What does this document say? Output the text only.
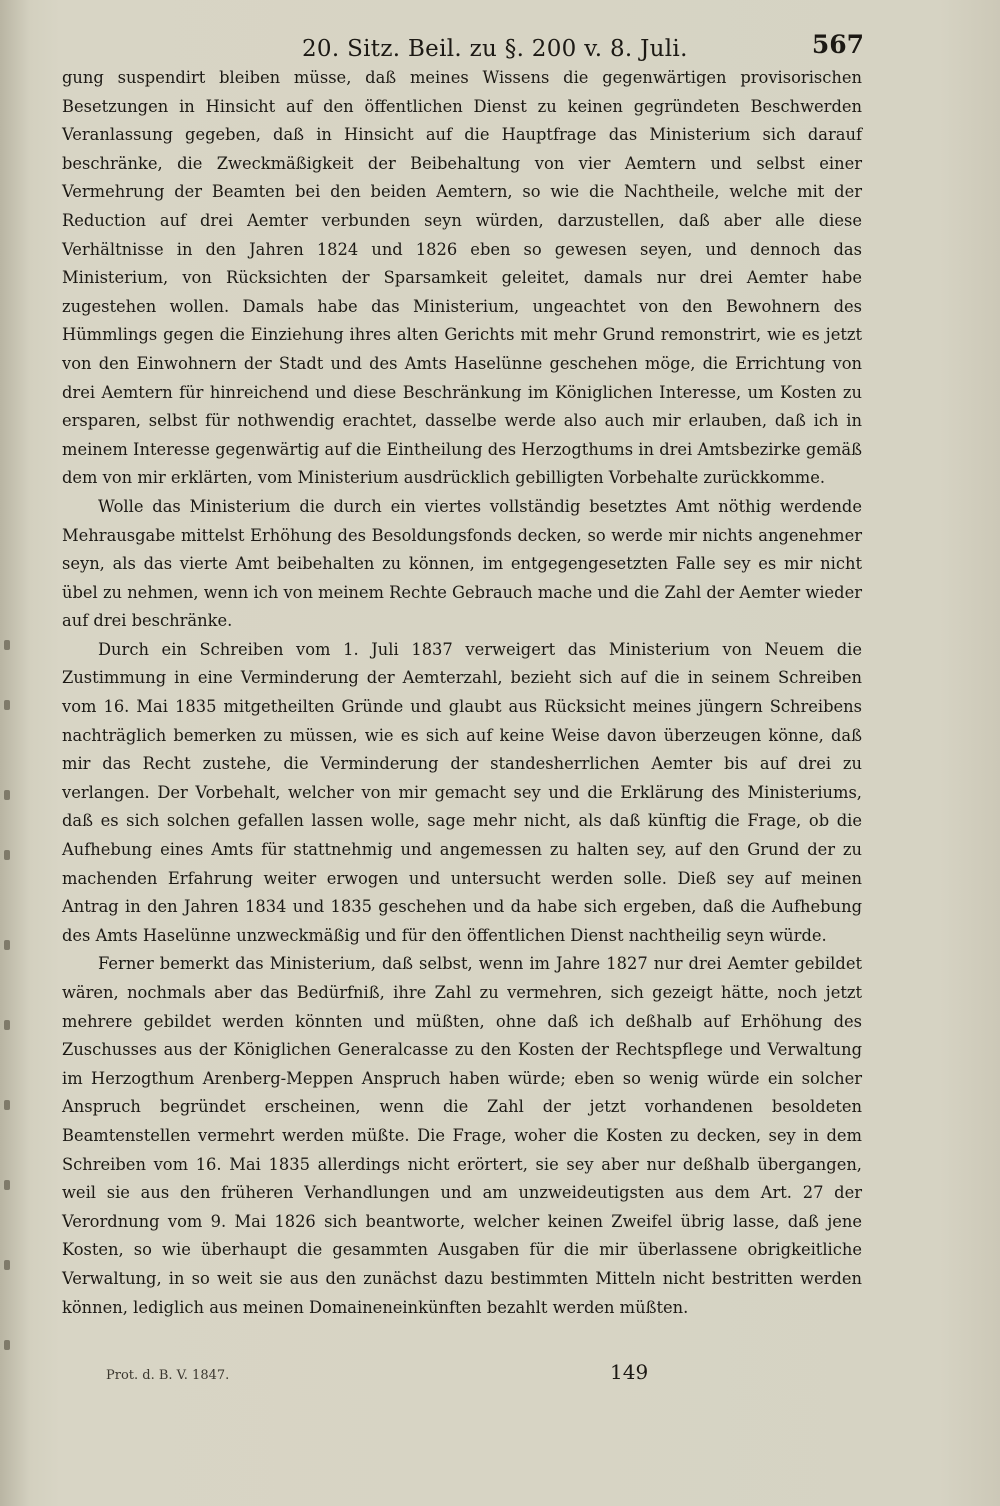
20. Sitz. Beil. zu §. 200 v. 8. Juli.	567

gung suspendirt bleiben müsse, daß meines Wissens die gegenwärtigen provisorischen Besetzungen in Hinsicht auf den öffentlichen Dienst zu keinen gegründeten Beschwerden Veranlassung gegeben, daß in Hinsicht auf die Hauptfrage das Ministerium sich darauf beschränke, die Zweckmäßigkeit der Beibehaltung von vier Aemtern und selbst einer Vermehrung der Beamten bei den beiden Aemtern, so wie die Nachtheile, welche mit der Reduction auf drei Aemter verbunden seyn würden, darzustellen, daß aber alle diese Verhältnisse in den Jahren 1824 und 1826 eben so gewesen seyen, und dennoch das Ministerium, von Rücksichten der Sparsamkeit geleitet, damals nur drei Aemter habe zugestehen wollen. Damals habe das Ministerium, ungeachtet von den Bewohnern des Hümmlings gegen die Einziehung ihres alten Gerichts mit mehr Grund remonstrirt, wie es jetzt von den Einwohnern der Stadt und des Amts Haselünne geschehen möge, die Errichtung von drei Aemtern für hinreichend und diese Beschränkung im Königlichen Interesse, um Kosten zu ersparen, selbst für nothwendig erachtet, dasselbe werde also auch mir erlauben, daß ich in meinem Interesse gegenwärtig auf die Eintheilung des Herzogthums in drei Amtsbezirke gemäß dem von mir erklärten, vom Ministerium ausdrücklich gebilligten Vorbehalte zurückkomme.

Wolle das Ministerium die durch ein viertes vollständig besetztes Amt nöthig werdende Mehrausgabe mittelst Erhöhung des Besoldungsfonds decken, so werde mir nichts angenehmer seyn, als das vierte Amt beibehalten zu können, im entgegengesetzten Falle sey es mir nicht übel zu nehmen, wenn ich von meinem Rechte Gebrauch mache und die Zahl der Aemter wieder auf drei beschränke.

Durch ein Schreiben vom 1. Juli 1837 verweigert das Ministerium von Neuem die Zustimmung in eine Verminderung der Aemterzahl, bezieht sich auf die in seinem Schreiben vom 16. Mai 1835 mitgetheilten Gründe und glaubt aus Rücksicht meines jüngern Schreibens nachträglich bemerken zu müssen, wie es sich auf keine Weise davon überzeugen könne, daß mir das Recht zustehe, die Verminderung der standesherrlichen Aemter bis auf drei zu verlangen. Der Vorbehalt, welcher von mir gemacht sey und die Erklärung des Ministeriums, daß es sich solchen gefallen lassen wolle, sage mehr nicht, als daß künftig die Frage, ob die Aufhebung eines Amts für stattnehmig und angemessen zu halten sey, auf den Grund der zu machenden Erfahrung weiter erwogen und untersucht werden solle. Dieß sey auf meinen Antrag in den Jahren 1834 und 1835 geschehen und da habe sich ergeben, daß die Aufhebung des Amts Haselünne unzweckmäßig und für den öffentlichen Dienst nachtheilig seyn würde.

Ferner bemerkt das Ministerium, daß selbst, wenn im Jahre 1827 nur drei Aemter gebildet wären, nochmals aber das Bedürfniß, ihre Zahl zu vermehren, sich gezeigt hätte, noch jetzt mehrere gebildet werden könnten und müßten, ohne daß ich deßhalb auf Erhöhung des Zuschusses aus der Königlichen Generalcasse zu den Kosten der Rechtspflege und Verwaltung im Herzogthum Arenberg-Meppen Anspruch haben würde; eben so wenig würde ein solcher Anspruch begründet erscheinen, wenn die Zahl der jetzt vorhandenen besoldeten Beamtenstellen vermehrt werden müßte. Die Frage, woher die Kosten zu decken, sey in dem Schreiben vom 16. Mai 1835 allerdings nicht erörtert, sie sey aber nur deßhalb übergangen, weil sie aus den früheren Verhandlungen und am unzweideutigsten aus dem Art. 27 der Verordnung vom 9. Mai 1826 sich beantworte, welcher keinen Zweifel übrig lasse, daß jene Kosten, so wie überhaupt die gesammten Ausgaben für die mir überlassene obrigkeitliche Verwaltung, in so weit sie aus den zunächst dazu bestimmten Mitteln nicht bestritten werden können, lediglich aus meinen Domaineneinkünften bezahlt werden müßten.

Prot. d. B. V. 1847.	149
